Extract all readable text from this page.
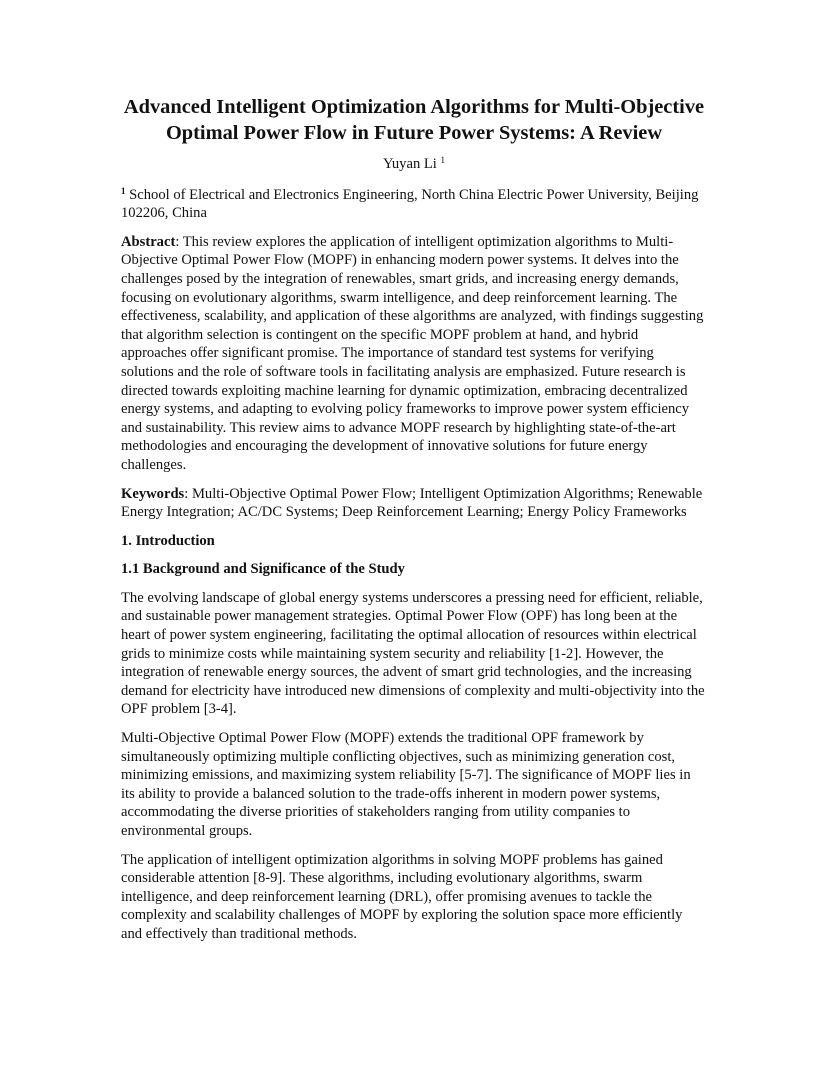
Advanced Intelligent Optimization Algorithms for Multi-Objective
Optimal Power Flow in Future Power Systems: A Review
Yuyan Li $^1$
$^1$ School of Electrical and Electronics Engineering, North China Electric Power University, Beijing 102206, China

Abstract: This review explores the application of intelligent optimization algorithms to Multi-Objective Optimal Power Flow (MOPF) in enhancing modern power systems. It delves into the challenges posed by the integration of renewables, smart grids, and increasing energy demands, focusing on evolutionary algorithms, swarm intelligence, and deep reinforcement learning. The effectiveness, scalability, and application of these algorithms are analyzed, with findings suggesting that algorithm selection is contingent on the specific MOPF problem at hand, and hybrid approaches offer significant promise. The importance of standard test systems for verifying solutions and the role of software tools in facilitating analysis are emphasized. Future research is directed towards exploiting machine learning for dynamic optimization, embracing decentralized energy systems, and adapting to evolving policy frameworks to improve power system efficiency and sustainability. This review aims to advance MOPF research by highlighting state-of-the-art methodologies and encouraging the development of innovative solutions for future energy challenges.

Keywords: Multi-Objective Optimal Power Flow; Intelligent Optimization Algorithms; Renewable Energy Integration; AC/DC Systems; Deep Reinforcement Learning; Energy Policy Frameworks

1. Introduction
1.1 Background and Significance of the Study

The evolving landscape of global energy systems underscores a pressing need for efficient, reliable, and sustainable power management strategies. Optimal Power Flow (OPF) has long been at the heart of power system engineering, facilitating the optimal allocation of resources within electrical grids to minimize costs while maintaining system security and reliability [1-2]. However, the integration of renewable energy sources, the advent of smart grid technologies, and the increasing demand for electricity have introduced new dimensions of complexity and multi-objectivity into the OPF problem [3-4].

Multi-Objective Optimal Power Flow (MOPF) extends the traditional OPF framework by simultaneously optimizing multiple conflicting objectives, such as minimizing generation cost, minimizing emissions, and maximizing system reliability [5-7]. The significance of MOPF lies in its ability to provide a balanced solution to the trade-offs inherent in modern power systems, accommodating the diverse priorities of stakeholders ranging from utility companies to environmental groups.

The application of intelligent optimization algorithms in solving MOPF problems has gained considerable attention [8-9]. These algorithms, including evolutionary algorithms, swarm intelligence, and deep reinforcement learning (DRL), offer promising avenues to tackle the complexity and scalability challenges of MOPF by exploring the solution space more efficiently and effectively than traditional methods.
